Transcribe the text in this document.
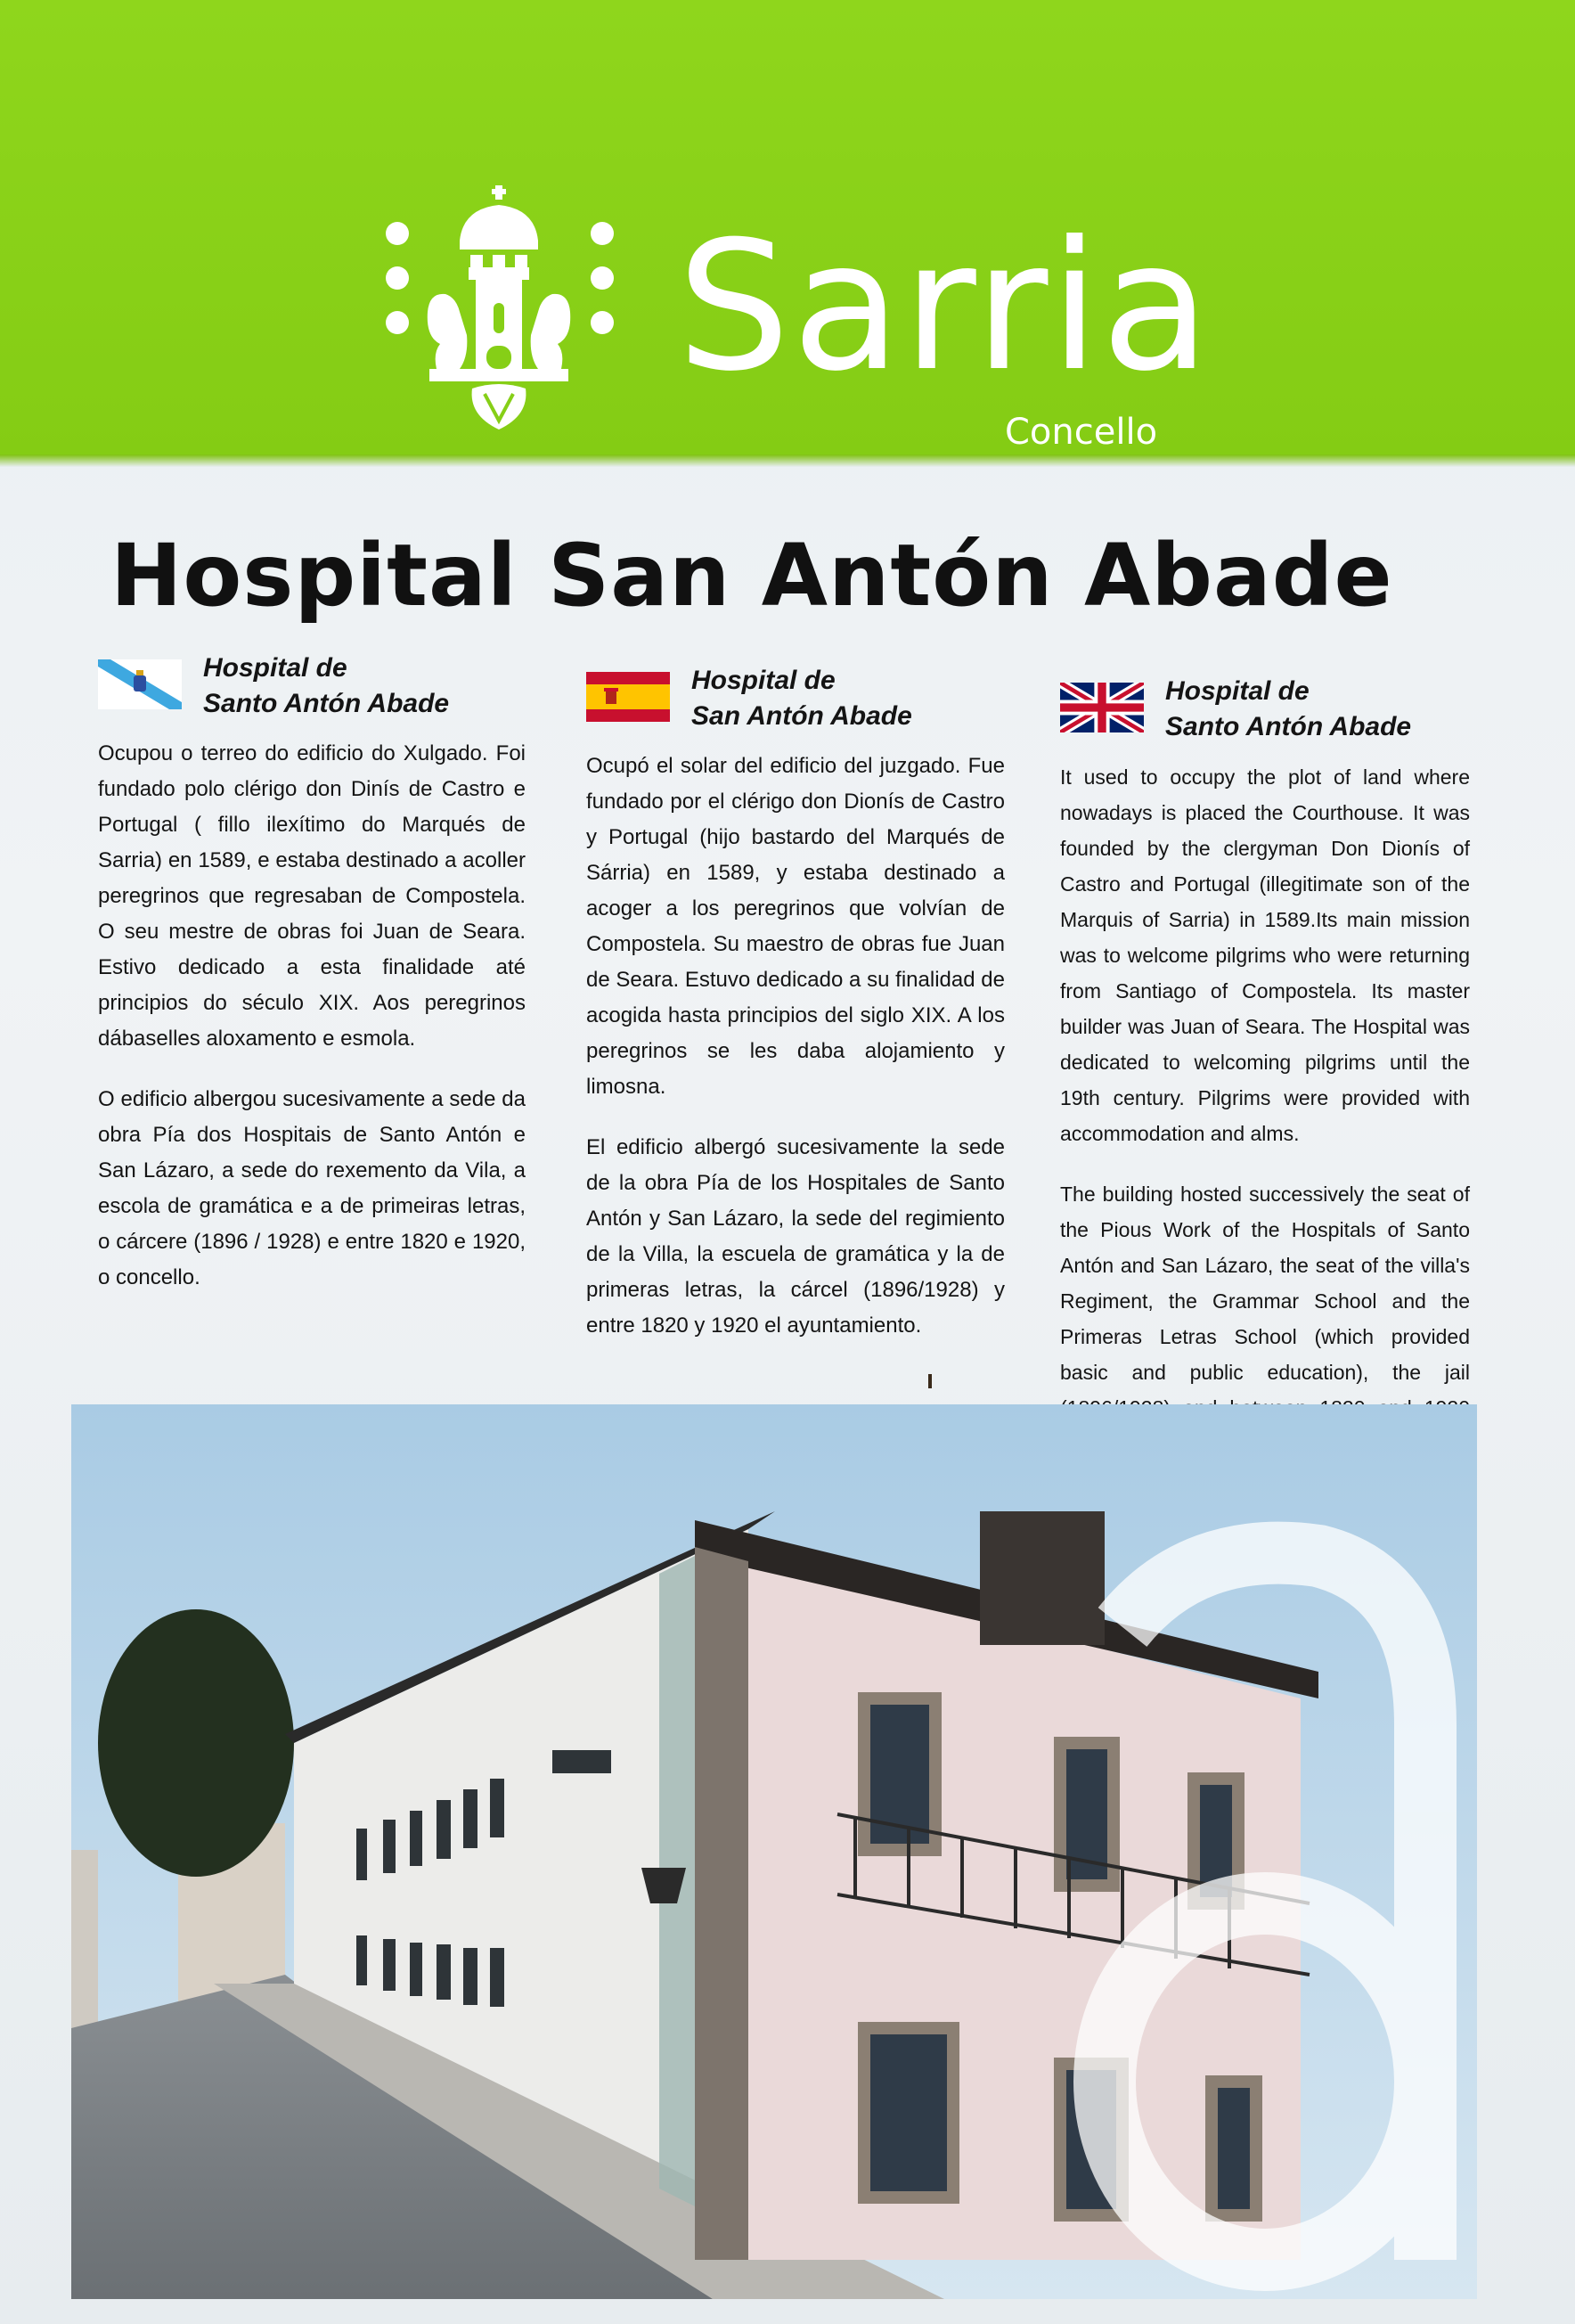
Sarria
Concello
Hospital San Antón Abade
Hospital de
Santo Antón Abade

Ocupou o terreo do edificio do Xulgado. Foi fundado polo clérigo don Dinís de Castro e Portugal ( fillo ilexítimo do Marqués de Sarria) en 1589, e estaba destinado a acoller peregrinos que regresaban de Compostela. O seu mestre de obras foi Juan de Seara. Estivo dedicado a esta finalidade até principios do século XIX. Aos peregrinos dábaselles aloxamento e esmola.

O edificio albergou sucesivamente a sede da obra Pía dos Hospitais de Santo Antón e San Lázaro, a sede do rexemento da Vila, a escola de gramática e a de primeiras letras, o cárcere (1896 / 1928) e entre 1820 e 1920, o concello.

Hospital de
San Antón Abade

Ocupó el solar del edificio del juzgado. Fue fundado por el clérigo don Dionís de Castro y Portugal (hijo bastardo del Marqués de Sárria) en 1589, y estaba destinado a acoger a los peregrinos que volvían de Compostela. Su maestro de obras fue Juan de Seara. Estuvo dedicado a su finalidad de acogida hasta principios del siglo XIX. A los peregrinos se les daba alojamiento y limosna.

El edificio albergó sucesivamente la sede de la obra Pía de los Hospitales de Santo Antón y San Lázaro, la sede del regimiento de la Villa, la escuela de gramática y la de primeras letras, la cárcel (1896/1928) y entre 1820 y 1920 el ayuntamiento.

Hospital de
Santo Antón Abade

It used to occupy the plot of land where nowadays is placed the Courthouse. It was founded by the clergyman Don Dionís of Castro and Portugal (illegitimate son of the Marquis of Sarria) in 1589.Its main mission was to welcome pilgrims who were returning from Santiago of Compostela. Its master builder was Juan of Seara. The Hospital was dedicated to welcoming pilgrims until the 19th century. Pilgrims were provided with accommodation and alms.

The building hosted successively the seat of the Pious Work of the Hospitals of Santo Antón and San Lázaro, the seat of the villa's Regiment, the Grammar School and the Primeras Letras School (which provided basic and public education), the jail
